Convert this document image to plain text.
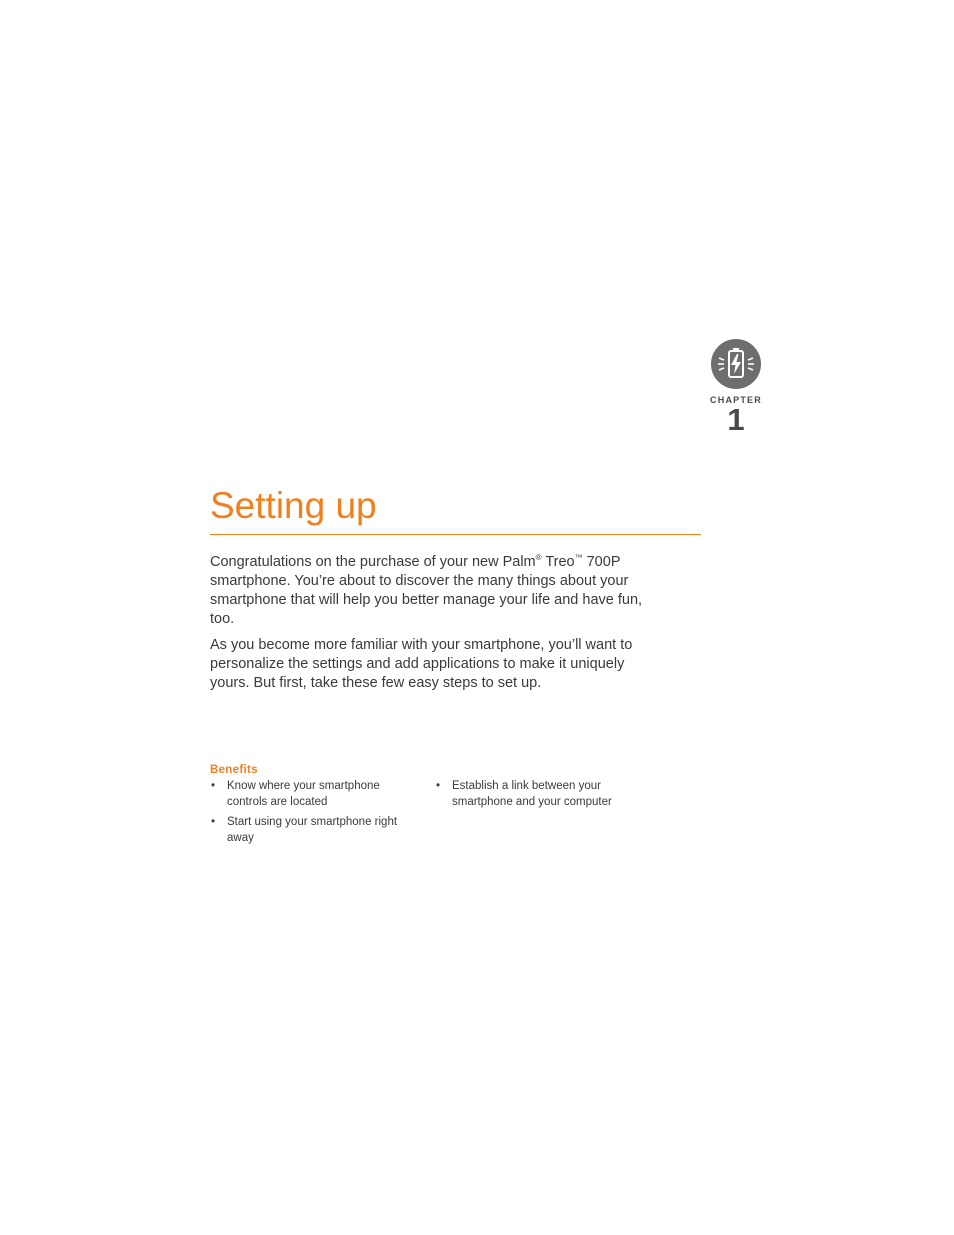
CHAPTER
1
Setting up

Congratulations on the purchase of your new Palm® Treo™ 700P
smartphone. You’re about to discover the many things about your smartphone that will help you better manage your life and have fun, too.

As you become more familiar with your smartphone, you’ll want to personalize the settings and add applications to make it uniquely yours. But first, take these few easy steps to set up.

Benefits
• Know where your smartphone controls are located
• Start using your smartphone right away
• Establish a link between your smartphone and your computer
